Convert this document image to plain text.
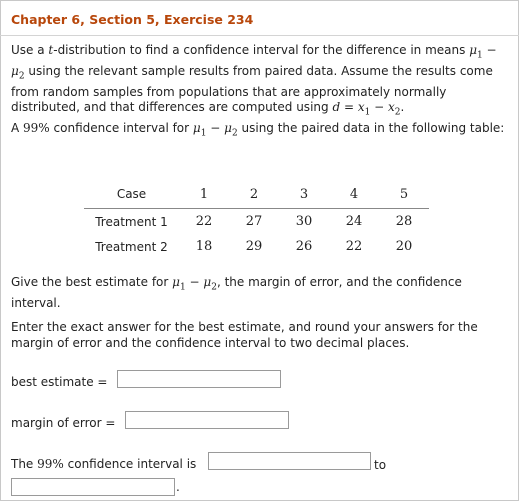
Chapter 6, Section 5, Exercise 234

Use a t-distribution to find a confidence interval for the difference in means $\mu_1 - \mu_2$ using the relevant sample results from paired data. Assume the results come from random samples from populations that are approximately normally distributed, and that differences are computed using $d = x_1 - x_2$.

A 99% confidence interval for $\mu_1 - \mu_2$ using the paired data in the following table:

Case	1	2	3	4	5
Treatment 1	22	27	30	24	28
Treatment 2	18	29	26	22	20

Give the best estimate for $\mu_1 - \mu_2$, the margin of error, and the confidence interval.

Enter the exact answer for the best estimate, and round your answers for the margin of error and the confidence interval to two decimal places.

best estimate =
margin of error =
The 99% confidence interval is	to
.
